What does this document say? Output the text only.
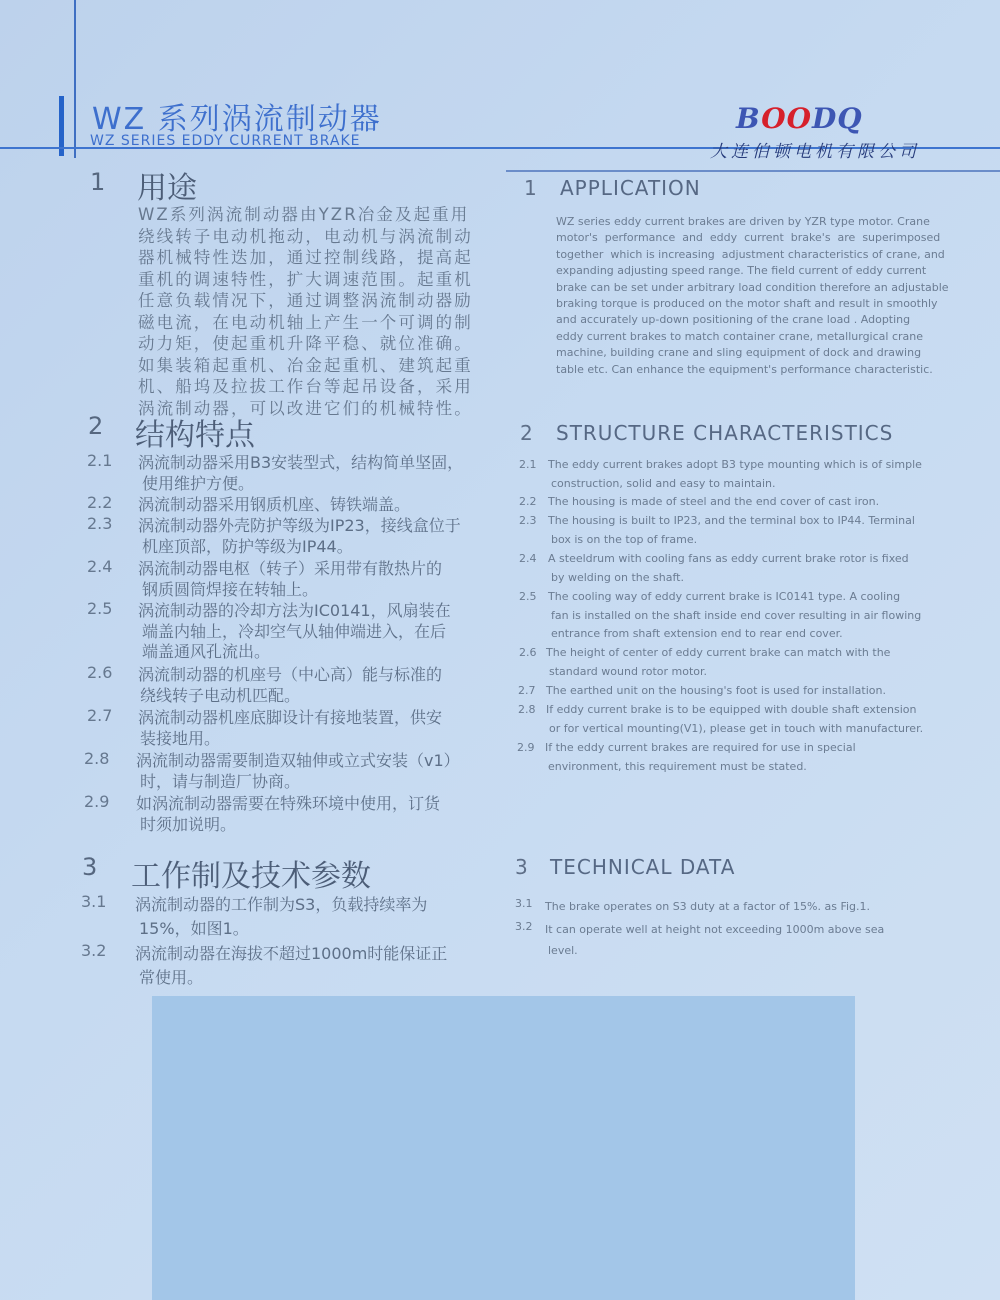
WZ 系列涡流制动器
WZ SERIES EDDY CURRENT BRAKE
BOODQ
大连伯顿电机有限公司
1 用途
WZ系列涡流制动器由YZR冶金及起重用
绕线转子电动机拖动，电动机与涡流制动
器机械特性迭加，通过控制线路，提高起
重机的调速特性，扩大调速范围。起重机
任意负载情况下，通过调整涡流制动器励
磁电流，在电动机轴上产生一个可调的制
动力矩，使起重机升降平稳、就位准确。
如集装箱起重机、冶金起重机、建筑起重
机、船坞及拉拔工作台等起吊设备，采用
涡流制动器，可以改进它们的机械特性。
2 结构特点
2.1 涡流制动器采用B3安装型式，结构简单坚固，
使用维护方便。
2.2 涡流制动器采用钢质机座、铸铁端盖。
2.3 涡流制动器外壳防护等级为IP23，接线盒位于
机座顶部，防护等级为IP44。
2.4 涡流制动器电枢（转子）采用带有散热片的
钢质圆筒焊接在转轴上。
2.5 涡流制动器的冷却方法为IC0141，风扇装在
端盖内轴上，冷却空气从轴伸端进入，在后
端盖通风孔流出。
2.6 涡流制动器的机座号（中心高）能与标准的
绕线转子电动机匹配。
2.7 涡流制动器机座底脚设计有接地装置，供安
装接地用。
2.8 涡流制动器需要制造双轴伸或立式安装（v1）
时，请与制造厂协商。
2.9 如涡流制动器需要在特殊环境中使用，订货
时须加说明。
3 工作制及技术参数
3.1 涡流制动器的工作制为S3，负载持续率为
15%，如图1。
3.2 涡流制动器在海拔不超过1000m时能保证正
常使用。
1 APPLICATION
WZ series eddy current brakes are driven by YZR type motor. Crane
motor's  performance  and  eddy  current  brake's  are  superimposed
together  which is increasing  adjustment characteristics of crane, and
expanding adjusting speed range. The field current of eddy current
brake can be set under arbitrary load condition therefore an adjustable
braking torque is produced on the motor shaft and result in smoothly
and accurately up-down positioning of the crane load . Adopting
eddy current brakes to match container crane, metallurgical crane
machine, building crane and sling equipment of dock and drawing
table etc. Can enhance the equipment's performance characteristic.
2 STRUCTURE CHARACTERISTICS
2.1 The eddy current brakes adopt B3 type mounting which is of simple
construction, solid and easy to maintain.
2.2 The housing is made of steel and the end cover of cast iron.
2.3 The housing is built to IP23, and the terminal box to IP44. Terminal
box is on the top of frame.
2.4 A steeldrum with cooling fans as eddy current brake rotor is fixed
by welding on the shaft.
2.5 The cooling way of eddy current brake is IC0141 type. A cooling
fan is installed on the shaft inside end cover resulting in air flowing
entrance from shaft extension end to rear end cover.
2.6 The height of center of eddy current brake can match with the
standard wound rotor motor.
2.7 The earthed unit on the housing's foot is used for installation.
2.8 If eddy current brake is to be equipped with double shaft extension
or for vertical mounting(V1), please get in touch with manufacturer.
2.9 If the eddy current brakes are required for use in special
environment, this requirement must be stated.
3 TECHNICAL DATA
3.1 The brake operates on S3 duty at a factor of 15%. as Fig.1.
3.2 It can operate well at height not exceeding 1000m above sea
level.
